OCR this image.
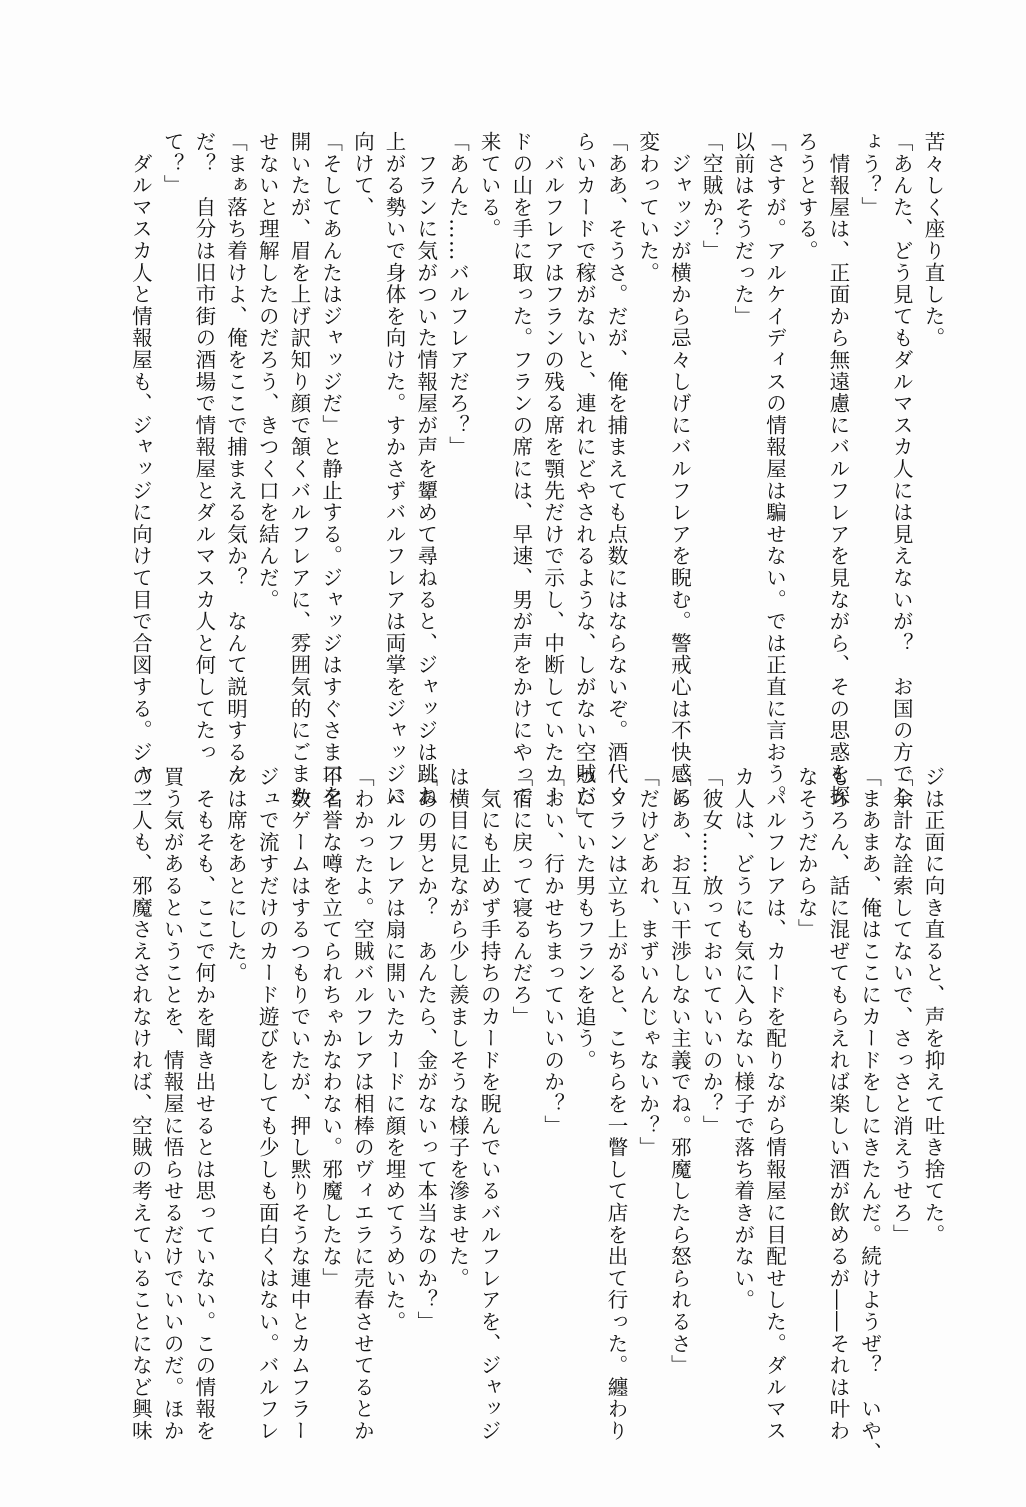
苦々しく座り直した。
「あんた、どう見てもダルマスカ人には見えないが？　お国の方でし
ょう？」
　情報屋は、正面から無遠慮にバルフレアを見ながら、その思惑を探
ろうとする。
「さすが。アルケイディスの情報屋は騙せない。では正直に言おう。
以前はそうだった」
「空賊か？」
　ジャッジが横から忌々しげにバルフレアを睨む。警戒心は不快感に
変わっていた。
「ああ、そうさ。だが、俺を捕まえても点数にはならないぞ。酒代く
らいカードで稼がないと、連れにどやされるような、しがない空賊だ」
　バルフレアはフランの残る席を顎先だけで示し、中断していたカー
ドの山を手に取った。フランの席には、早速、男が声をかけにやって
来ている。
「あんた……バルフレアだろ？」
　フランに気がついた情報屋が声を顰めて尋ねると、ジャッジは跳ね
上がる勢いで身体を向けた。すかさずバルフレアは両掌をジャッジに
向けて、
「そしてあんたはジャッジだ」と静止する。ジャッジはすぐさま口を
開いたが、眉を上げ訳知り顔で頷くバルフレアに、雰囲気的にごまか
せないと理解したのだろう、きつく口を結んだ。
「まぁ落ち着けよ、俺をここで捕まえる気か？　なんて説明するん
だ？　自分は旧市街の酒場で情報屋とダルマスカ人と何してたっ
て？」
　ダルマスカ人と情報屋も、ジャッジに向けて目で合図する。ジャッ
ジは正面に向き直ると、声を抑えて吐き捨てた。
「余計な詮索してないで、さっさと消えうせろ」
「まあまあ、俺はここにカードをしにきたんだ。続けようぜ？　いや、
もちろん、話に混ぜてもらえれば楽しい酒が飲めるが――それは叶わ
なそうだからな」
　バルフレアは、カードを配りながら情報屋に目配せした。ダルマス
カ人は、どうにも気に入らない様子で落ち着きがない。
「彼女……放っておいていいのか？」
「ああ、お互い干渉しない主義でね。邪魔したら怒られるさ」
「だけどあれ、まずいんじゃないか？」
　フランは立ち上がると、こちらを一瞥して店を出て行った。纏わり
ついていた男もフランを追う。
「おい、行かせちまっていいのか？」
「宿に戻って寝るんだろ」
　気にも止めず手持ちのカードを睨んでいるバルフレアを、ジャッジ
は横目に見ながら少し羨ましそうな様子を滲ませた。
「あの男とか？　あんたら、金がないって本当なのか？」
　バルフレアは扇に開いたカードに顔を埋めてうめいた。
「わかったよ。空賊バルフレアは相棒のヴィエラに売春させてるとか
不名誉な噂を立てられちゃかなわない。邪魔したな」
　数ゲームはするつもりでいたが、押し黙りそうな連中とカムフラー
ジュで流すだけのカード遊びをしても少しも面白くはない。バルフレ
アは席をあとにした。
　そもそも、ここで何かを聞き出せるとは思っていない。この情報を
買う気があるということを、情報屋に悟らせるだけでいいのだ。ほか
の二人も、邪魔さえされなければ、空賊の考えていることになど興味
